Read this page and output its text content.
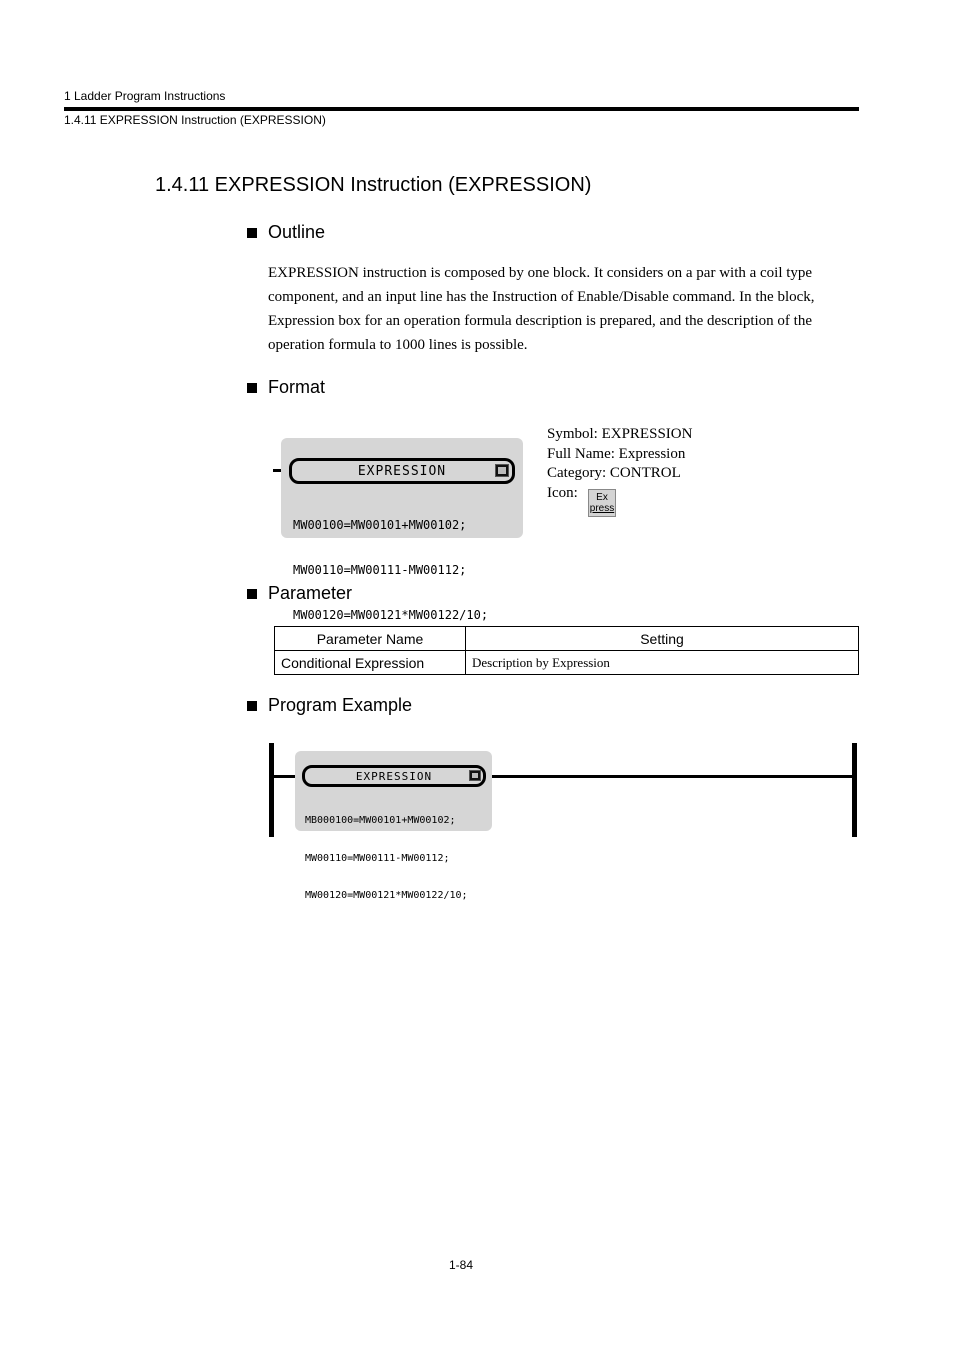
1 Ladder Program Instructions
1.4.11 EXPRESSION Instruction (EXPRESSION)
1.4.11 EXPRESSION Instruction (EXPRESSION)
Outline
EXPRESSION instruction is composed by one block. It considers on a par with a coil type
component, and an input line has the Instruction of Enable/Disable command. In the block,
Expression box for an operation formula description is prepared, and the description of the
operation formula to 1000 lines is possible.
Format
EXPRESSION

MW00100=MW00101+MW00102;

MW00110=MW00111-MW00112;

MW00120=MW00121*MW00122/10;

Symbol: EXPRESSION
Full Name: Expression
Category: CONTROL
Icon:	Ex
press
Parameter
Parameter Name	Setting
Conditional Expression	Description by Expression
Program Example
EXPRESSION

MB000100=MW00101+MW00102;

MW00110=MW00111-MW00112;

MW00120=MW00121*MW00122/10;

1-84
